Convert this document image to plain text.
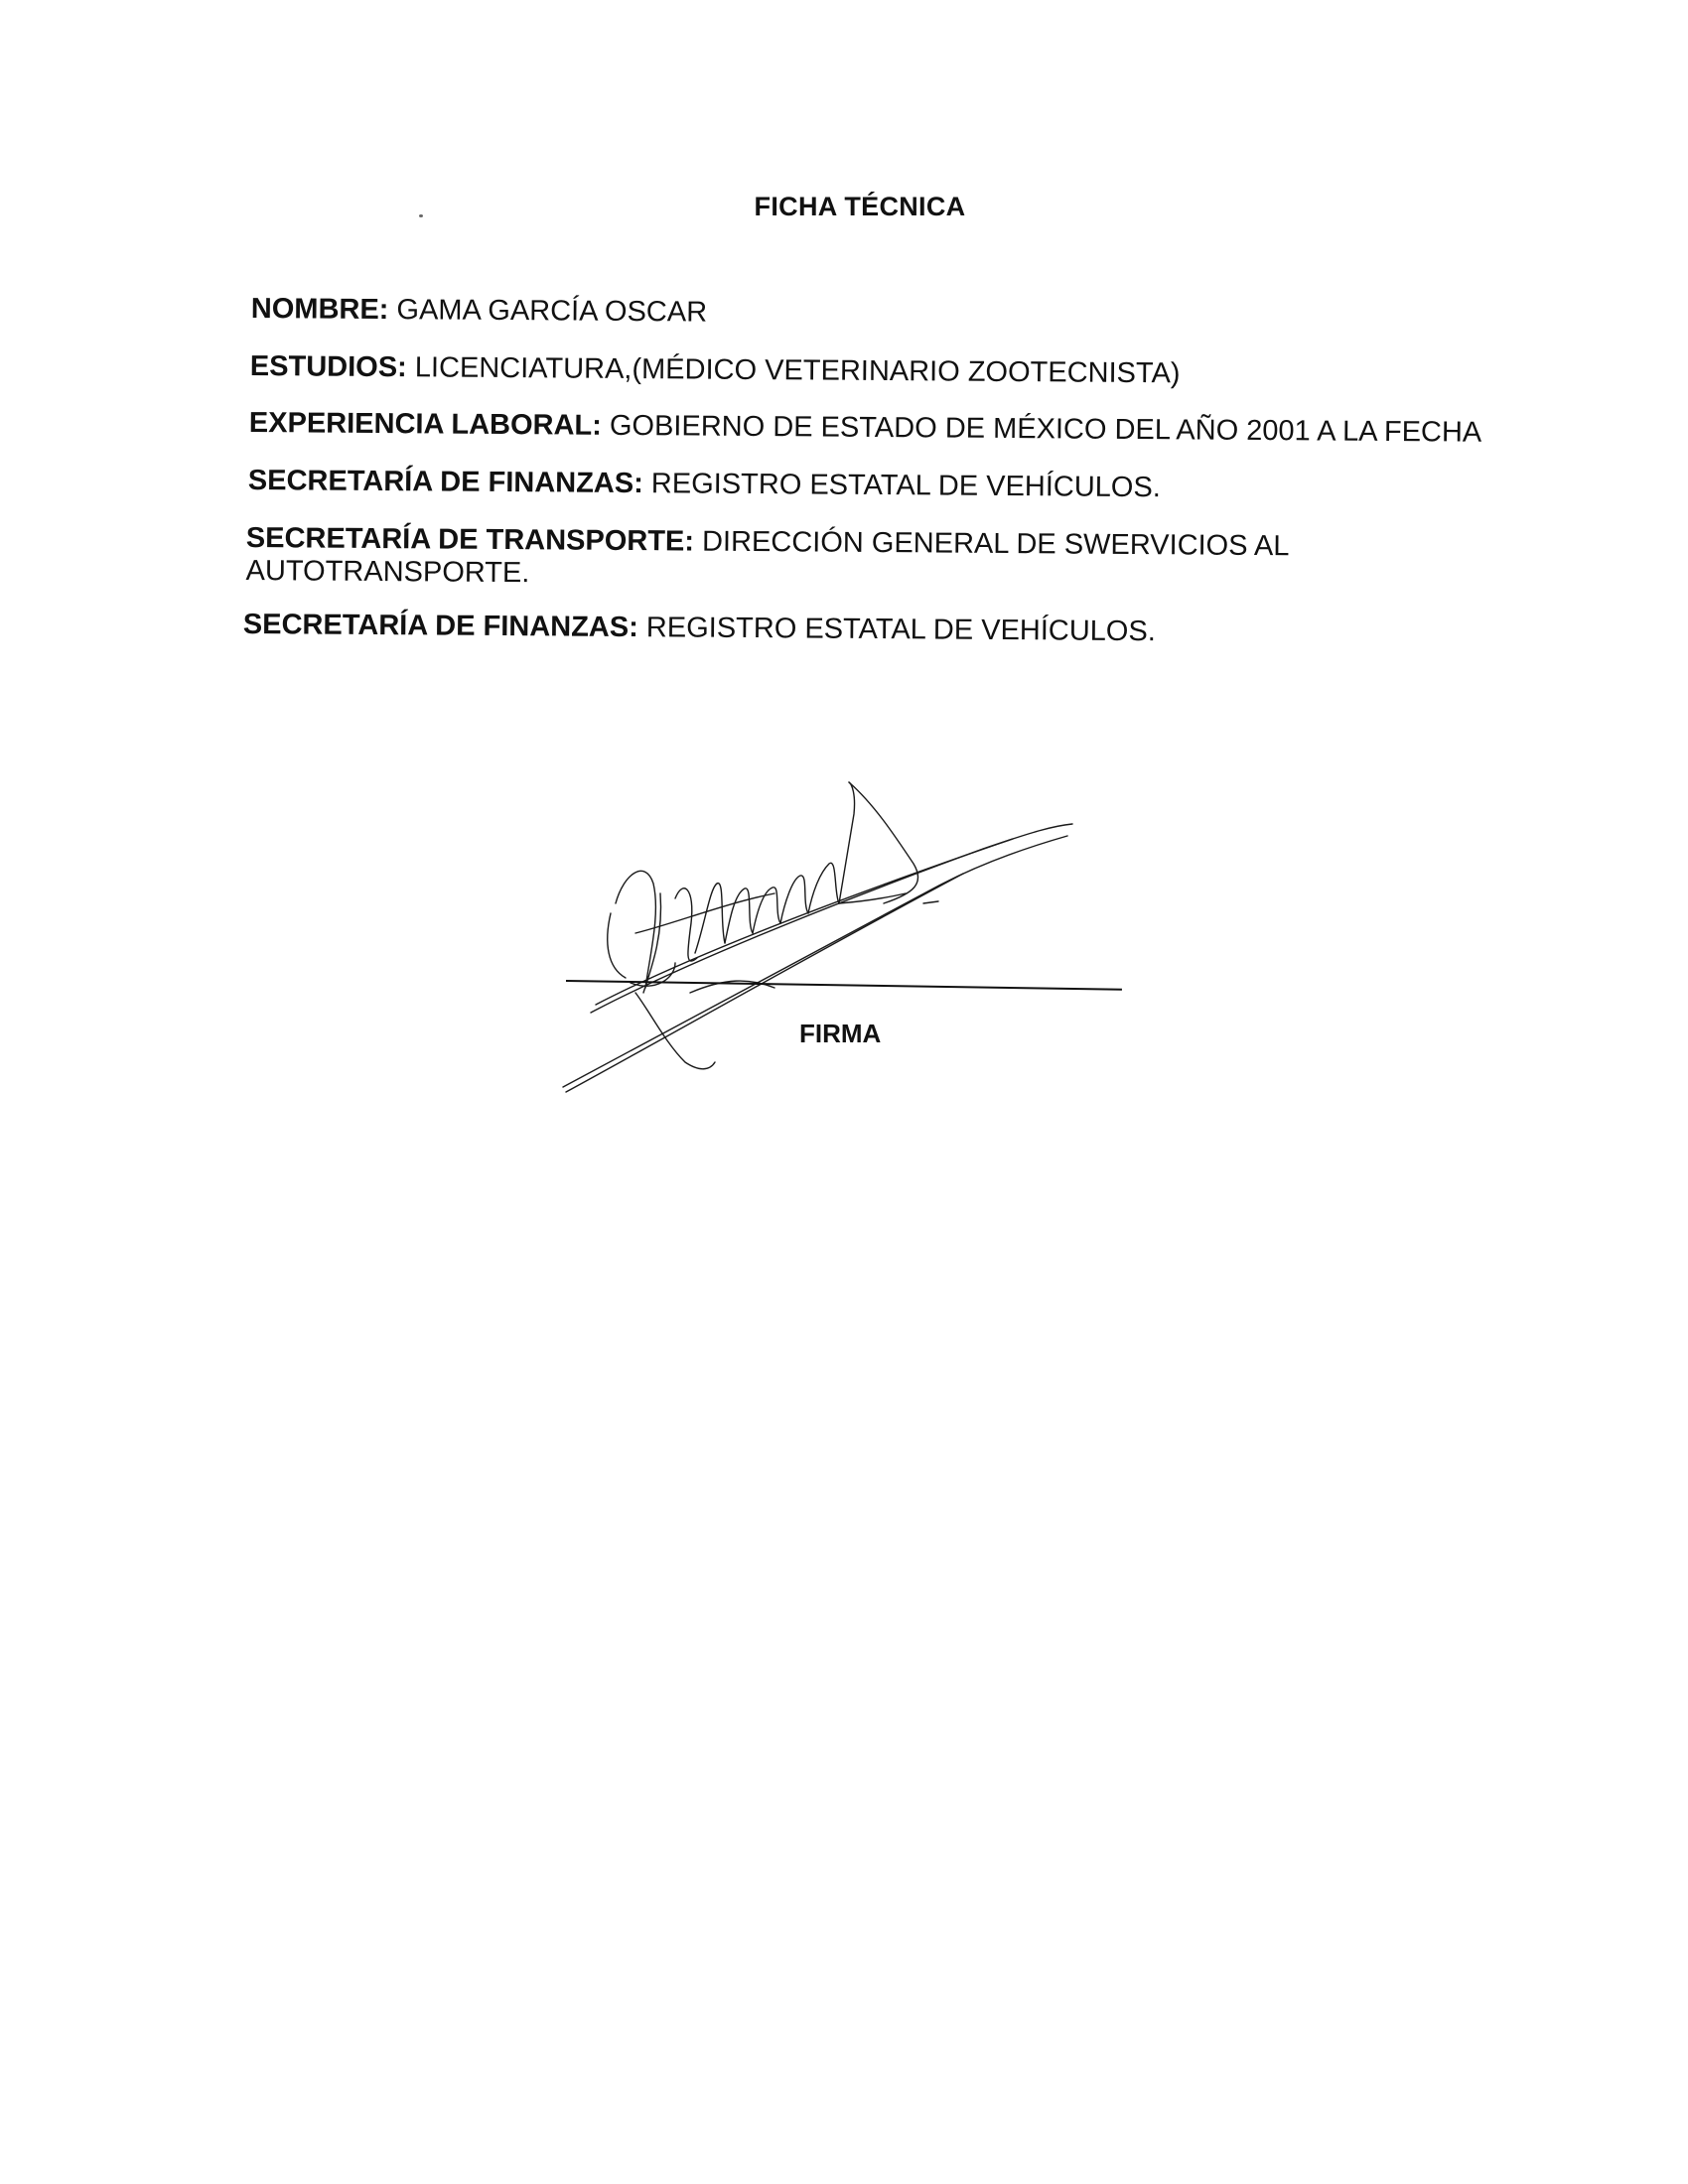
FICHA TÉCNICA
NOMBRE: GAMA GARCÍA OSCAR
ESTUDIOS: LICENCIATURA,(MÉDICO VETERINARIO ZOOTECNISTA)
EXPERIENCIA LABORAL: GOBIERNO DE ESTADO DE MÉXICO DEL AÑO 2001 A LA FECHA
SECRETARÍA DE FINANZAS: REGISTRO ESTATAL DE VEHÍCULOS.
SECRETARÍA DE TRANSPORTE: DIRECCIÓN GENERAL DE SWERVICIOS AL
AUTOTRANSPORTE.
SECRETARÍA DE FINANZAS: REGISTRO ESTATAL DE VEHÍCULOS.
FIRMA
